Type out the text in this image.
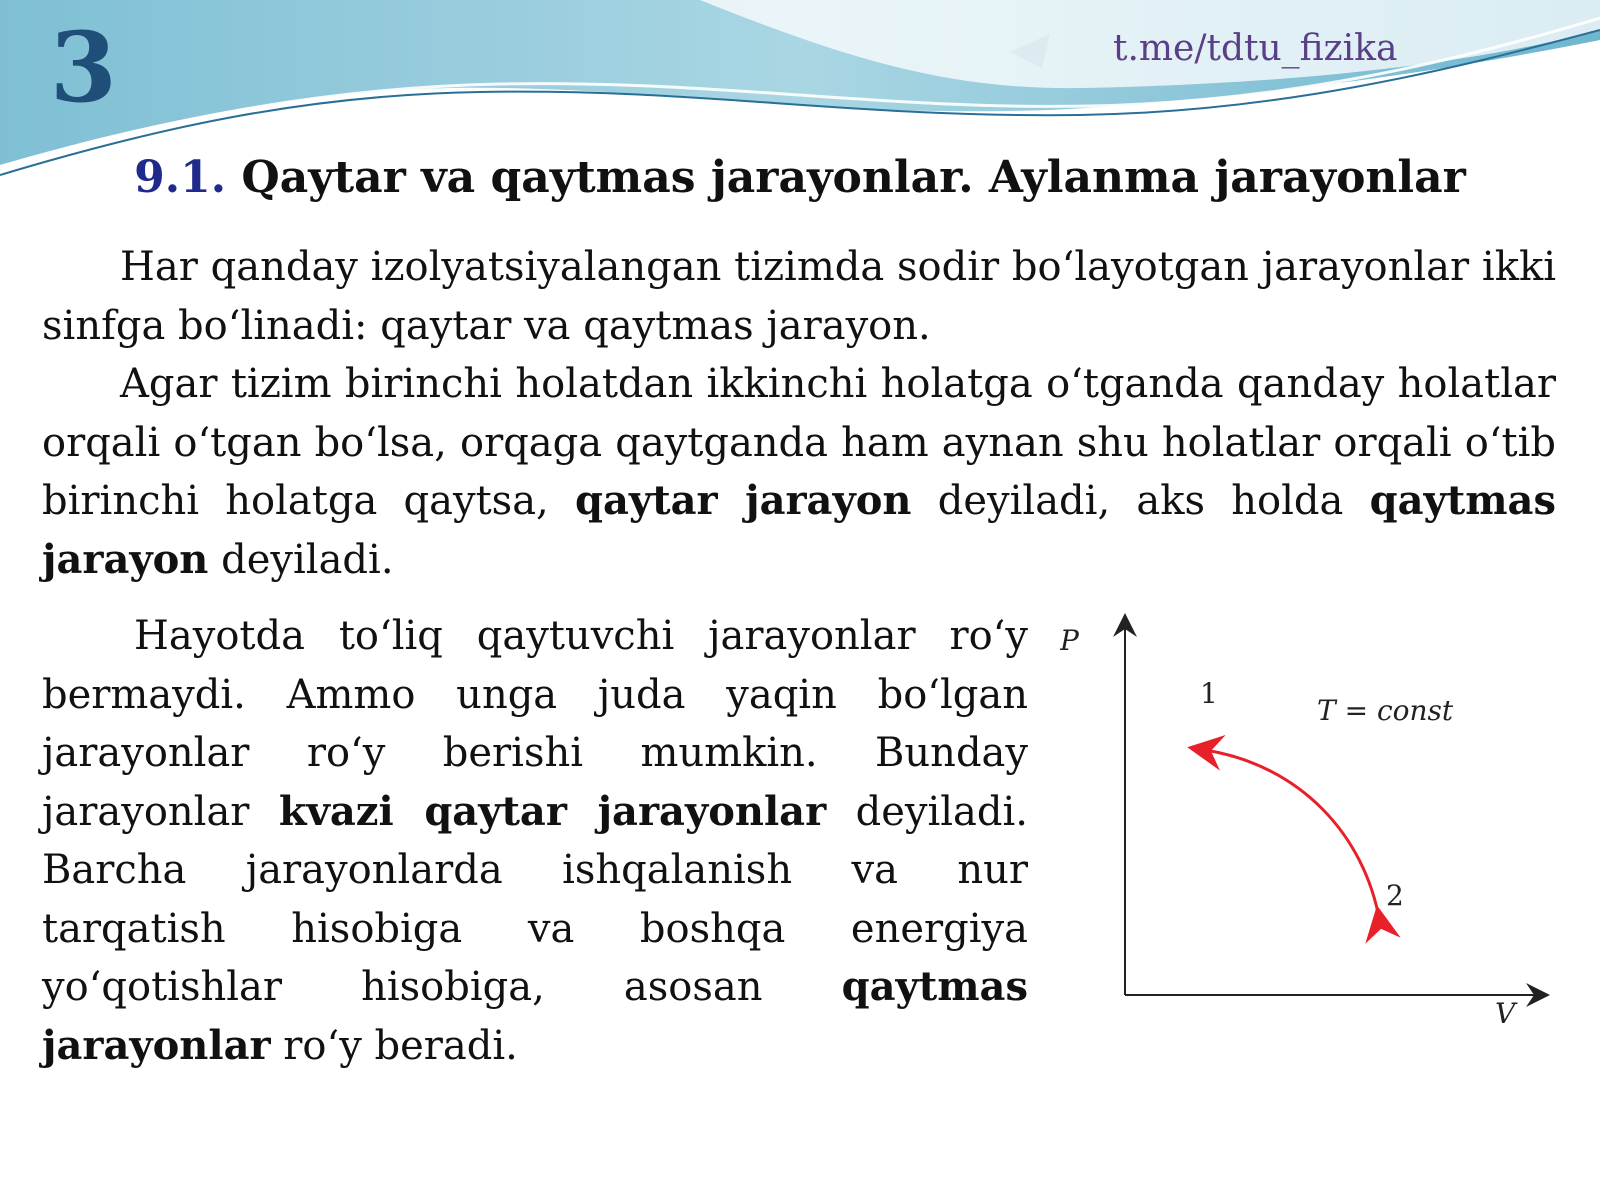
3	t.me/tdtu_fizika
9.1. Qaytar va qaytmas jarayonlar. Aylanma jarayonlar

Har qanday izolyatsiyalangan tizimda sodir bo‘layotgan jarayonlar ikki sinfga bo‘linadi: qaytar va qaytmas jarayon.

Agar tizim birinchi holatdan ikkinchi holatga o‘tganda qanday holatlar orqali o‘tgan bo‘lsa, orqaga qaytganda ham aynan shu holatlar orqali o‘tib birinchi holatga qaytsa, qaytar jarayon deyiladi, aks holda qaytmas jarayon deyiladi.

Hayotda to‘liq qaytuvchi jarayonlar ro‘y bermaydi. Ammo unga juda yaqin bo‘lgan jarayonlar ro‘y berishi mumkin. Bunday jarayonlar kvazi qaytar jarayonlar deyiladi. Barcha jarayonlarda ishqalanish va nur tarqatish hisobiga va boshqa energiya yo‘qotishlar hisobiga, asosan qaytmas jarayonlar ro‘y beradi.

P
V
1
2
T = const
